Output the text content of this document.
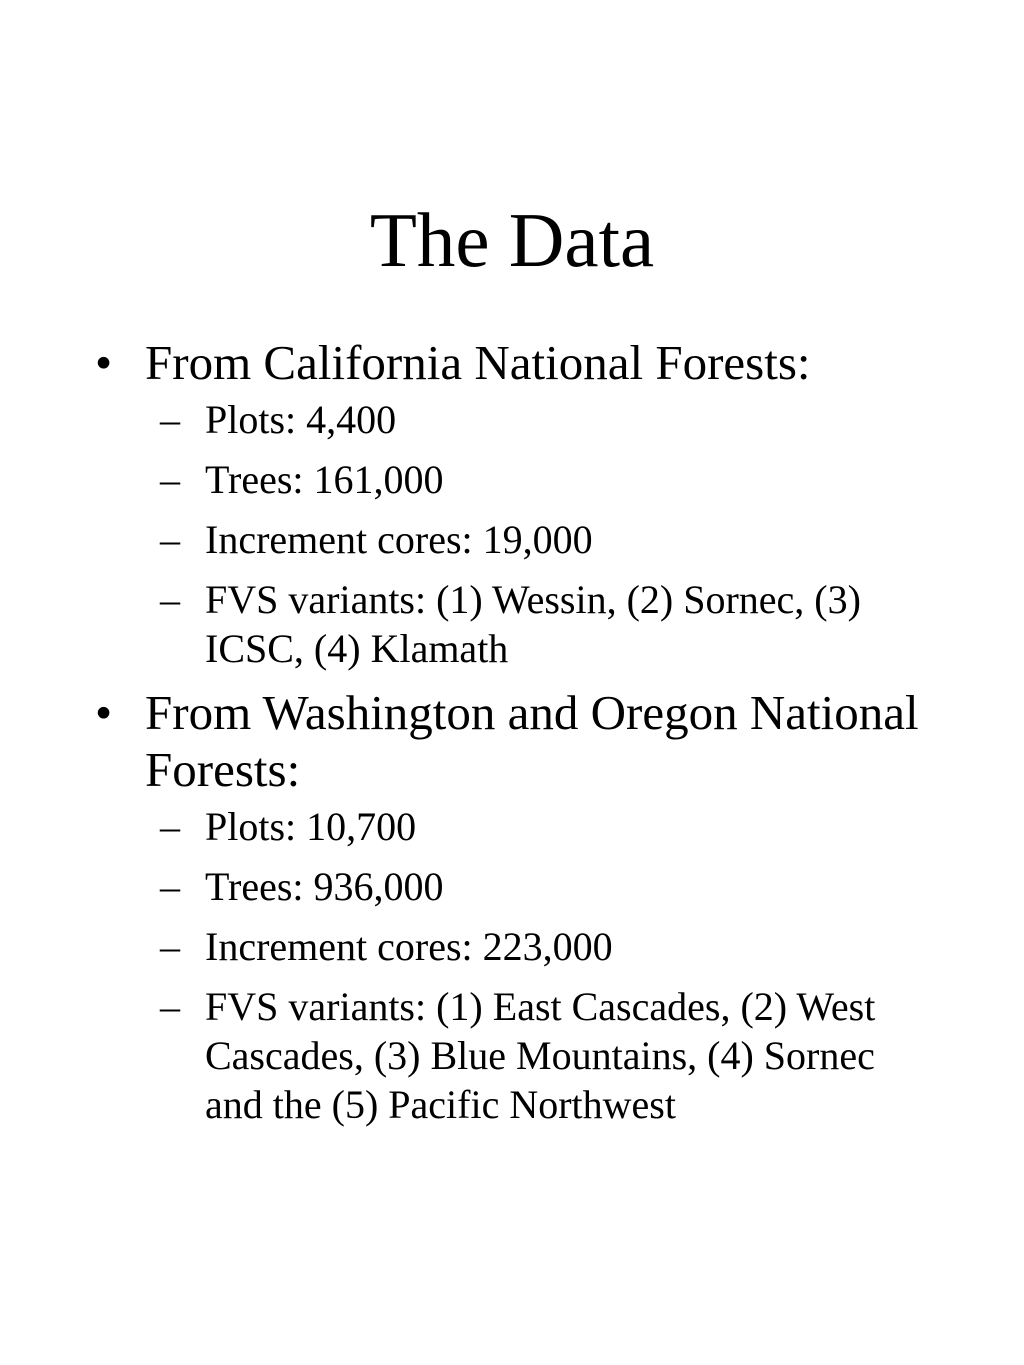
The Data
• From California National Forests:
– Plots: 4,400
– Trees: 161,000
– Increment cores: 19,000
– FVS variants: (1) Wessin, (2) Sornec, (3) ICSC, (4) Klamath
• From Washington and Oregon National Forests:
– Plots: 10,700
– Trees: 936,000
– Increment cores: 223,000
– FVS variants: (1) East Cascades, (2) West Cascades, (3) Blue Mountains, (4) Sornec and the (5) Pacific Northwest
